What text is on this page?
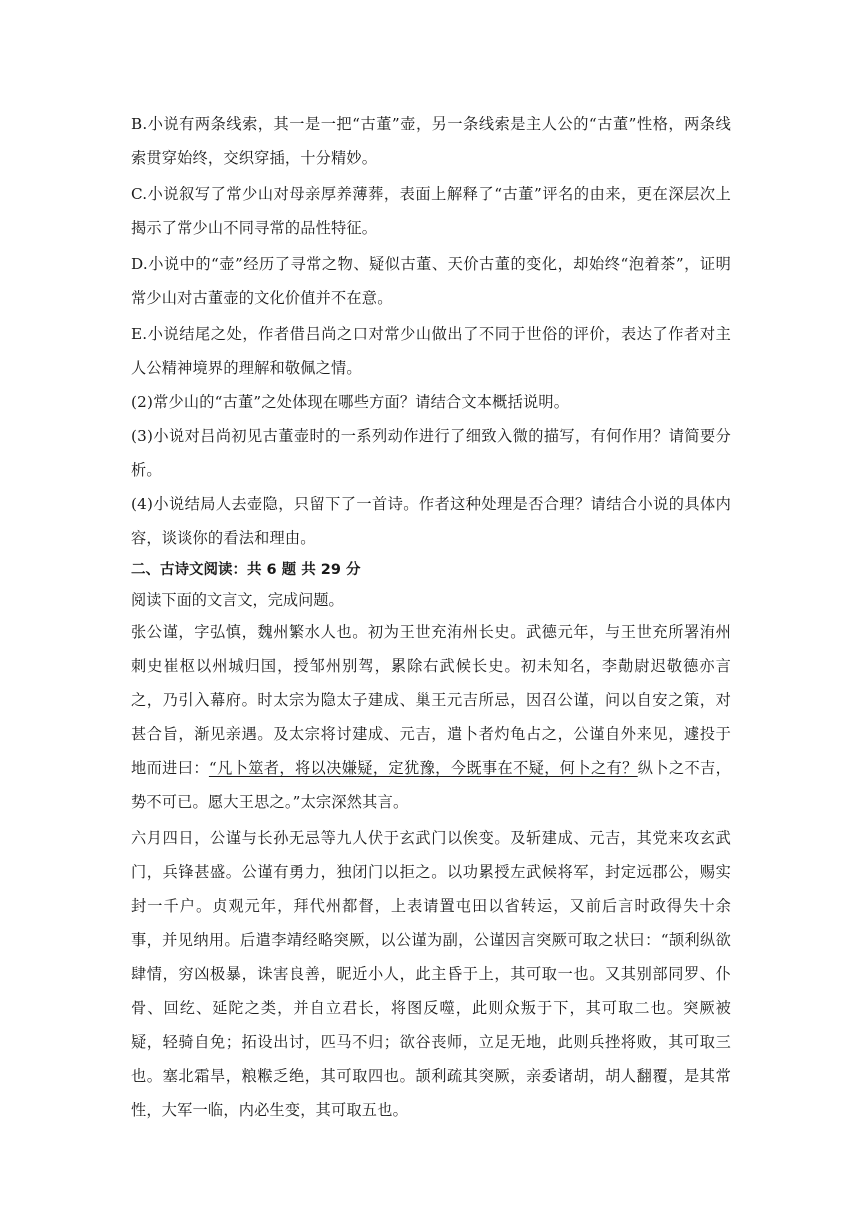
B.小说有两条线索，其一是一把“古董”壶，另一条线索是主人公的“古董”性格，两条线索贯穿始终，交织穿插，十分精妙。

C.小说叙写了常少山对母亲厚养薄葬，表面上解释了“古董”评名的由来，更在深层次上揭示了常少山不同寻常的品性特征。

D.小说中的“壶”经历了寻常之物、疑似古董、天价古董的变化，却始终“泡着茶”，证明常少山对古董壶的文化价值并不在意。

E.小说结尾之处，作者借吕尚之口对常少山做出了不同于世俗的评价，表达了作者对主人公精神境界的理解和敬佩之情。

(2)常少山的“古董”之处体现在哪些方面？请结合文本概括说明。

(3)小说对吕尚初见古董壶时的一系列动作进行了细致入微的描写，有何作用？请简要分析。

(4)小说结局人去壶隐，只留下了一首诗。作者这种处理是否合理？请结合小说的具体内容，谈谈你的看法和理由。

二、古诗文阅读：共 6 题 共 29 分

阅读下面的文言文，完成问题。

张公谨，字弘慎，魏州繁水人也。初为王世充洧州长史。武德元年，与王世充所署洧州刺史崔枢以州城归国，授邹州别驾，累除右武候长史。初未知名，李勣尉迟敬德亦言之，乃引入幕府。时太宗为隐太子建成、巢王元吉所忌，因召公谨，问以自安之策，对甚合旨，渐见亲遇。及太宗将讨建成、元吉，遣卜者灼龟占之，公谨自外来见，遽投于地而进曰：“凡卜筮者，将以决嫌疑，定犹豫，今既事在不疑，何卜之有？纵卜之不吉，势不可已。愿大王思之。”太宗深然其言。

六月四日，公谨与长孙无忌等九人伏于玄武门以俟变。及斩建成、元吉，其党来攻玄武门，兵锋甚盛。公谨有勇力，独闭门以拒之。以功累授左武候将军，封定远郡公，赐实封一千户。贞观元年，拜代州都督，上表请置屯田以省转运，又前后言时政得失十余事，并见纳用。后遣李靖经略突厥，以公谨为副，公谨因言突厥可取之状曰：“颉利纵欲肆情，穷凶极暴，诛害良善，昵近小人，此主昏于上，其可取一也。又其别部同罗、仆骨、回纥、延陀之类，并自立君长，将图反噬，此则众叛于下，其可取二也。突厥被疑，轻骑自免；拓设出讨，匹马不归；欲谷丧师，立足无地，此则兵挫将败，其可取三也。塞北霜旱，粮糇乏绝，其可取四也。颉利疏其突厥，亲委诸胡，胡人翻覆，是其常性，大军一临，内必生变，其可取五也。
